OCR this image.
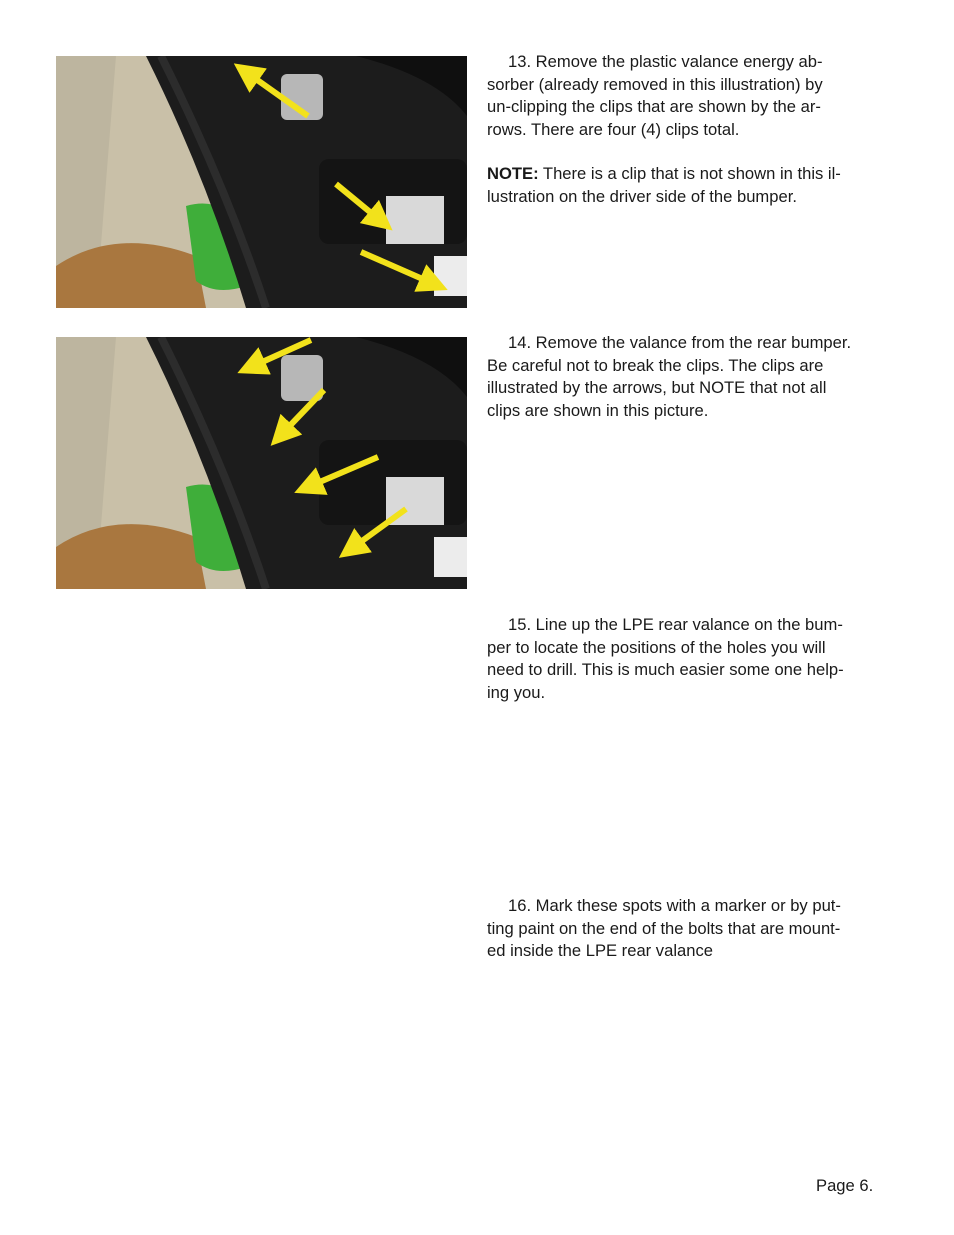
13. Remove the plastic valance energy ab-
sorber (already removed in this illustration) by
un-clipping the clips that are shown by the ar-
rows. There are four (4) clips total.
NOTE: There is a clip that is not shown in this il-
lustration on the driver side of the bumper.
14. Remove the valance from the rear bumper.
Be careful not to break the clips. The clips are
illustrated by the arrows, but NOTE that not all
clips are shown in this picture.
15. Line up the LPE rear valance on the bum-
per to locate the positions of the holes you will
need to drill. This is much easier some one help-
ing you.
16. Mark these spots with a marker or by put-
ting paint on the end of the bolts that are mount-
ed inside the LPE rear valance
Page 6.
